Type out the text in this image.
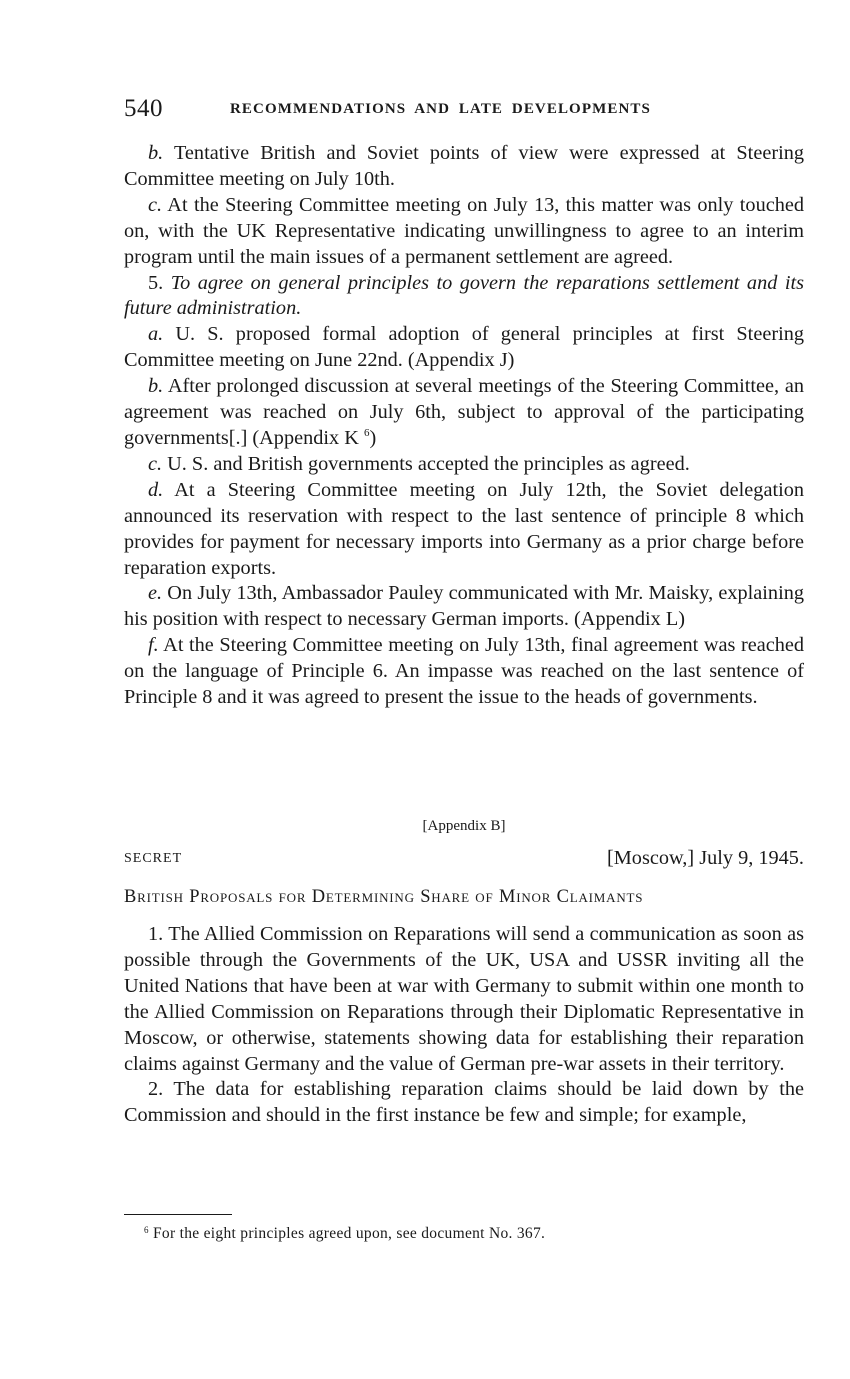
540	RECOMMENDATIONS AND LATE DEVELOPMENTS

b. Tentative British and Soviet points of view were expressed at Steering Committee meeting on July 10th.

c. At the Steering Committee meeting on July 13, this matter was only touched on, with the UK Representative indicating unwillingness to agree to an interim program until the main issues of a permanent settlement are agreed.

5. To agree on general principles to govern the reparations settlement and its future administration.

a. U. S. proposed formal adoption of general principles at first Steering Committee meeting on June 22nd. (Appendix J)

b. After prolonged discussion at several meetings of the Steering Committee, an agreement was reached on July 6th, subject to approval of the participating governments[.] (Appendix K $^6$)

c. U. S. and British governments accepted the principles as agreed.

d. At a Steering Committee meeting on July 12th, the Soviet delegation announced its reservation with respect to the last sentence of principle 8 which provides for payment for necessary imports into Germany as a prior charge before reparation exports.

e. On July 13th, Ambassador Pauley communicated with Mr. Maisky, explaining his position with respect to necessary German imports. (Appendix L)

f. At the Steering Committee meeting on July 13th, final agreement was reached on the language of Principle 6. An impasse was reached on the last sentence of Principle 8 and it was agreed to present the issue to the heads of governments.

[Appendix B]
SECRET	[Moscow,] July 9, 1945.
British Proposals for Determining Share of Minor Claimants

1. The Allied Commission on Reparations will send a communication as soon as possible through the Governments of the UK, USA and USSR inviting all the United Nations that have been at war with Germany to submit within one month to the Allied Commission on Reparations through their Diplomatic Representative in Moscow, or otherwise, statements showing data for establishing their reparation claims against Germany and the value of German pre-war assets in their territory.

2. The data for establishing reparation claims should be laid down by the Commission and should in the first instance be few and simple; for example,

$^6$ For the eight principles agreed upon, see document No. 367.
